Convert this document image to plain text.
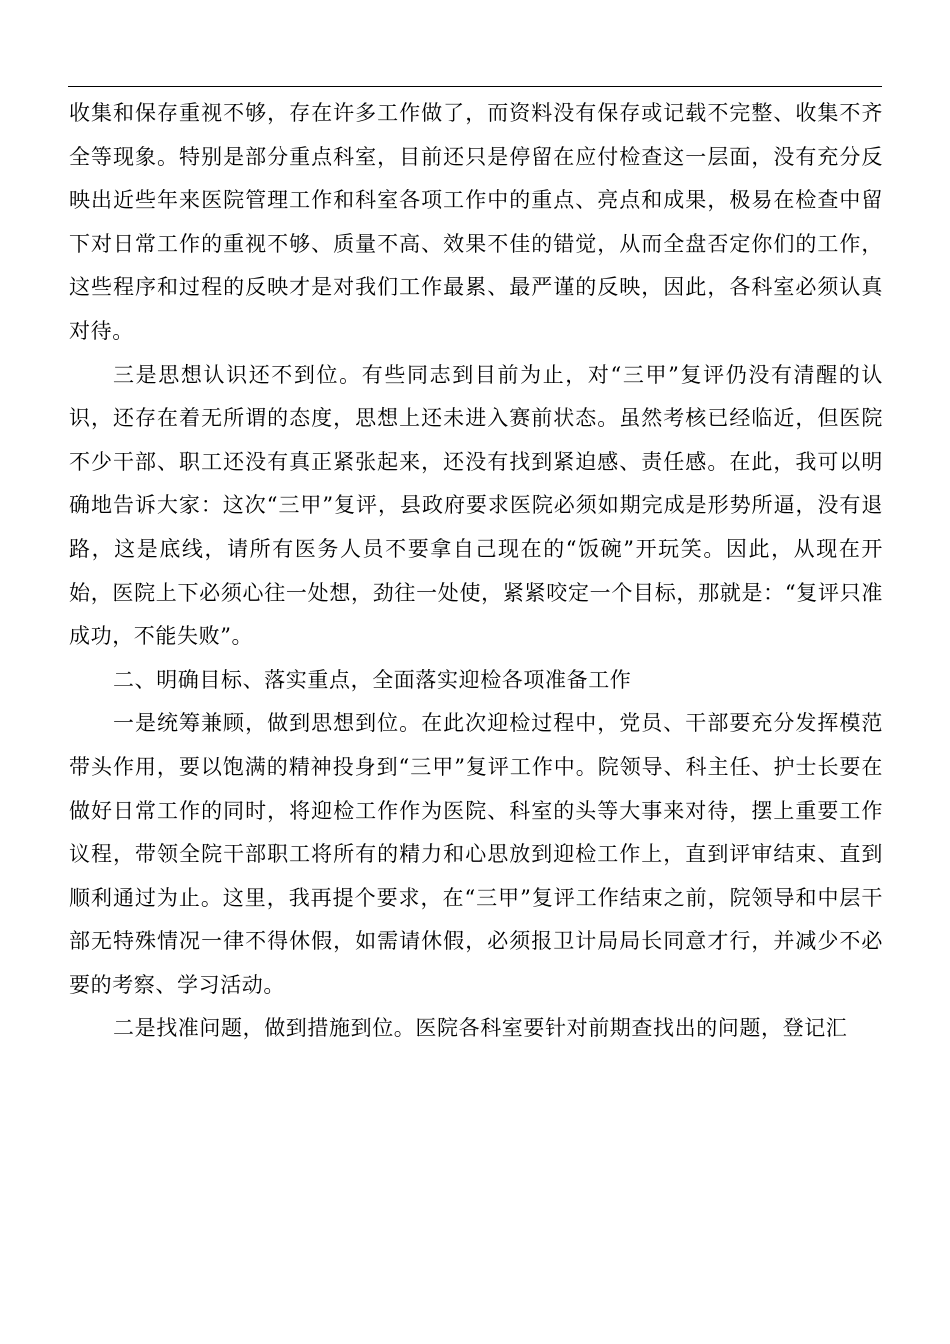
收集和保存重视不够，存在许多工作做了，而资料没有保存或记载不完整、收集不齐全等现象。特别是部分重点科室，目前还只是停留在应付检查这一层面，没有充分反映出近些年来医院管理工作和科室各项工作中的重点、亮点和成果，极易在检查中留下对日常工作的重视不够、质量不高、效果不佳的错觉，从而全盘否定你们的工作，这些程序和过程的反映才是对我们工作最累、最严谨的反映，因此，各科室必须认真对待。

三是思想认识还不到位。有些同志到目前为止，对“三甲”复评仍没有清醒的认识，还存在着无所谓的态度，思想上还未进入赛前状态。虽然考核已经临近，但医院不少干部、职工还没有真正紧张起来，还没有找到紧迫感、责任感。在此，我可以明确地告诉大家：这次“三甲”复评，县政府要求医院必须如期完成是形势所逼，没有退路，这是底线，请所有医务人员不要拿自己现在的“饭碗”开玩笑。因此，从现在开始，医院上下必须心往一处想，劲往一处使，紧紧咬定一个目标，那就是：“复评只准成功，不能失败”。

二、明确目标、落实重点，全面落实迎检各项准备工作

一是统筹兼顾，做到思想到位。在此次迎检过程中，党员、干部要充分发挥模范带头作用，要以饱满的精神投身到“三甲”复评工作中。院领导、科主任、护士长要在做好日常工作的同时，将迎检工作作为医院、科室的头等大事来对待，摆上重要工作议程，带领全院干部职工将所有的精力和心思放到迎检工作上，直到评审结束、直到顺利通过为止。这里，我再提个要求，在“三甲”复评工作结束之前，院领导和中层干部无特殊情况一律不得休假，如需请休假，必须报卫计局局长同意才行，并减少不必要的考察、学习活动。

二是找准问题，做到措施到位。医院各科室要针对前期查找出的问题，登记汇
